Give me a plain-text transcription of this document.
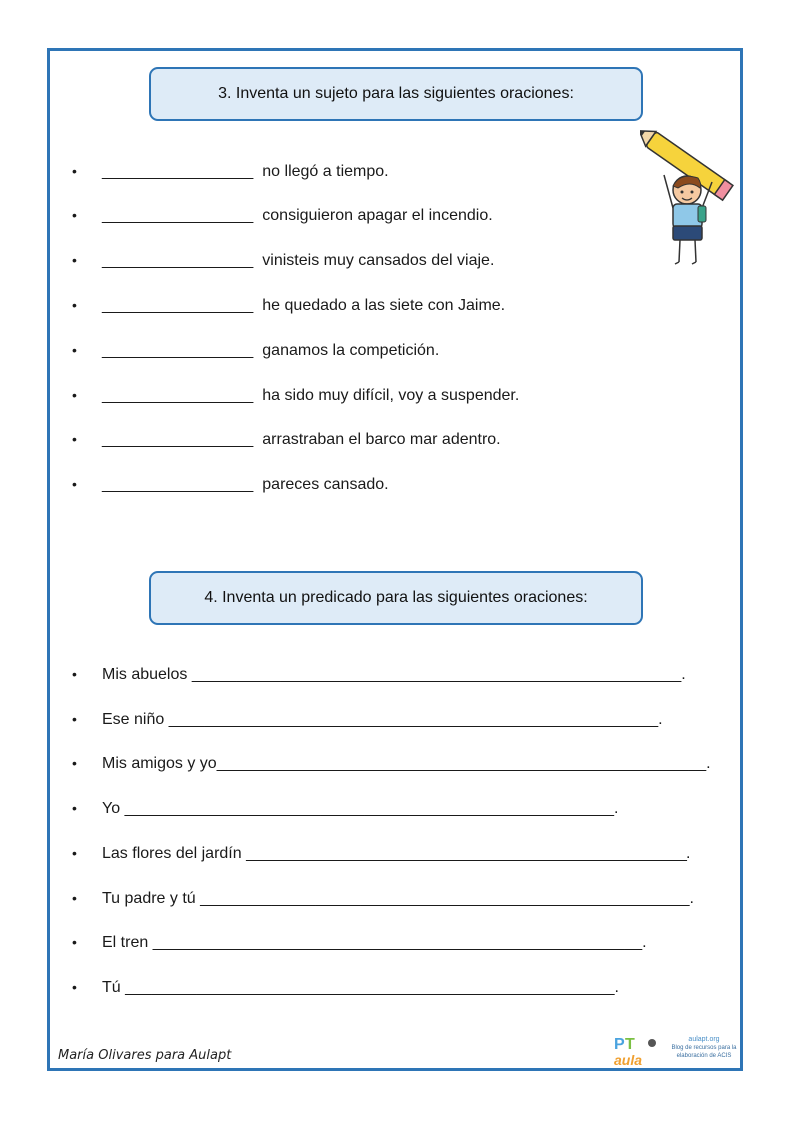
3. Inventa un sujeto para las siguientes oraciones:
• _________________ no llegó a tiempo.
• _________________ consiguieron apagar el incendio.
• _________________ vinisteis muy cansados del viaje.
• _________________ he quedado a las siete con Jaime.
• _________________ ganamos la competición.
• _________________ ha sido muy difícil, voy a suspender.
• _________________ arrastraban el barco mar adentro.
• _________________ pareces cansado.
4. Inventa un predicado para las siguientes oraciones:
• Mis abuelos _______________________________________________________.
• Ese niño _______________________________________________________.
• Mis amigos y yo_______________________________________________________.
• Yo _______________________________________________________.
• Las flores del jardín _______________________________________________________.
• Tu padre y tú _______________________________________________________.
• El tren _______________________________________________________.
• Tú _______________________________________________________.
María Olivares para Aulapt
P T
aula
aulapt.org
Blog de recursos para la elaboración de ACIS
